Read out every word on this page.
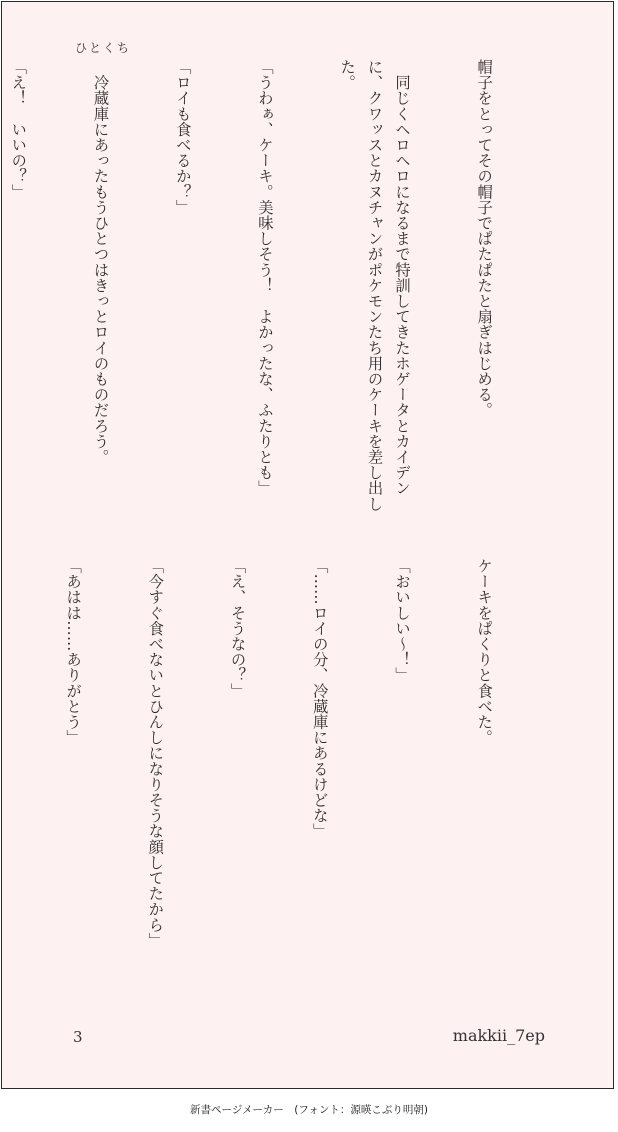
ひとくち

帽子をとってその帽子でぱたぱたと扇ぎはじめる。

　同じくヘロヘロになるまで特訓してきたホゲータとカイデンに、クワッスとカヌチャンがポケモンたち用のケーキを差し出した。

「うわぁ、ケーキ。美味しそう！　よかったな、ふたりとも」

「ロイも食べるか？」

　冷蔵庫にあったもうひとつはきっとロイのものだろう。

「え！　いいの？」

ケーキをぱくりと食べた。

「おいしい〜！」

「……ロイの分、冷蔵庫にあるけどな」

「え、そうなの？」

「今すぐ食べないとひんしになりそうな顔してたから」

「あはは……ありがとう」

3	makkii_7ep
新書ページメーカー　(フォント：源暎こぶり明朝)
